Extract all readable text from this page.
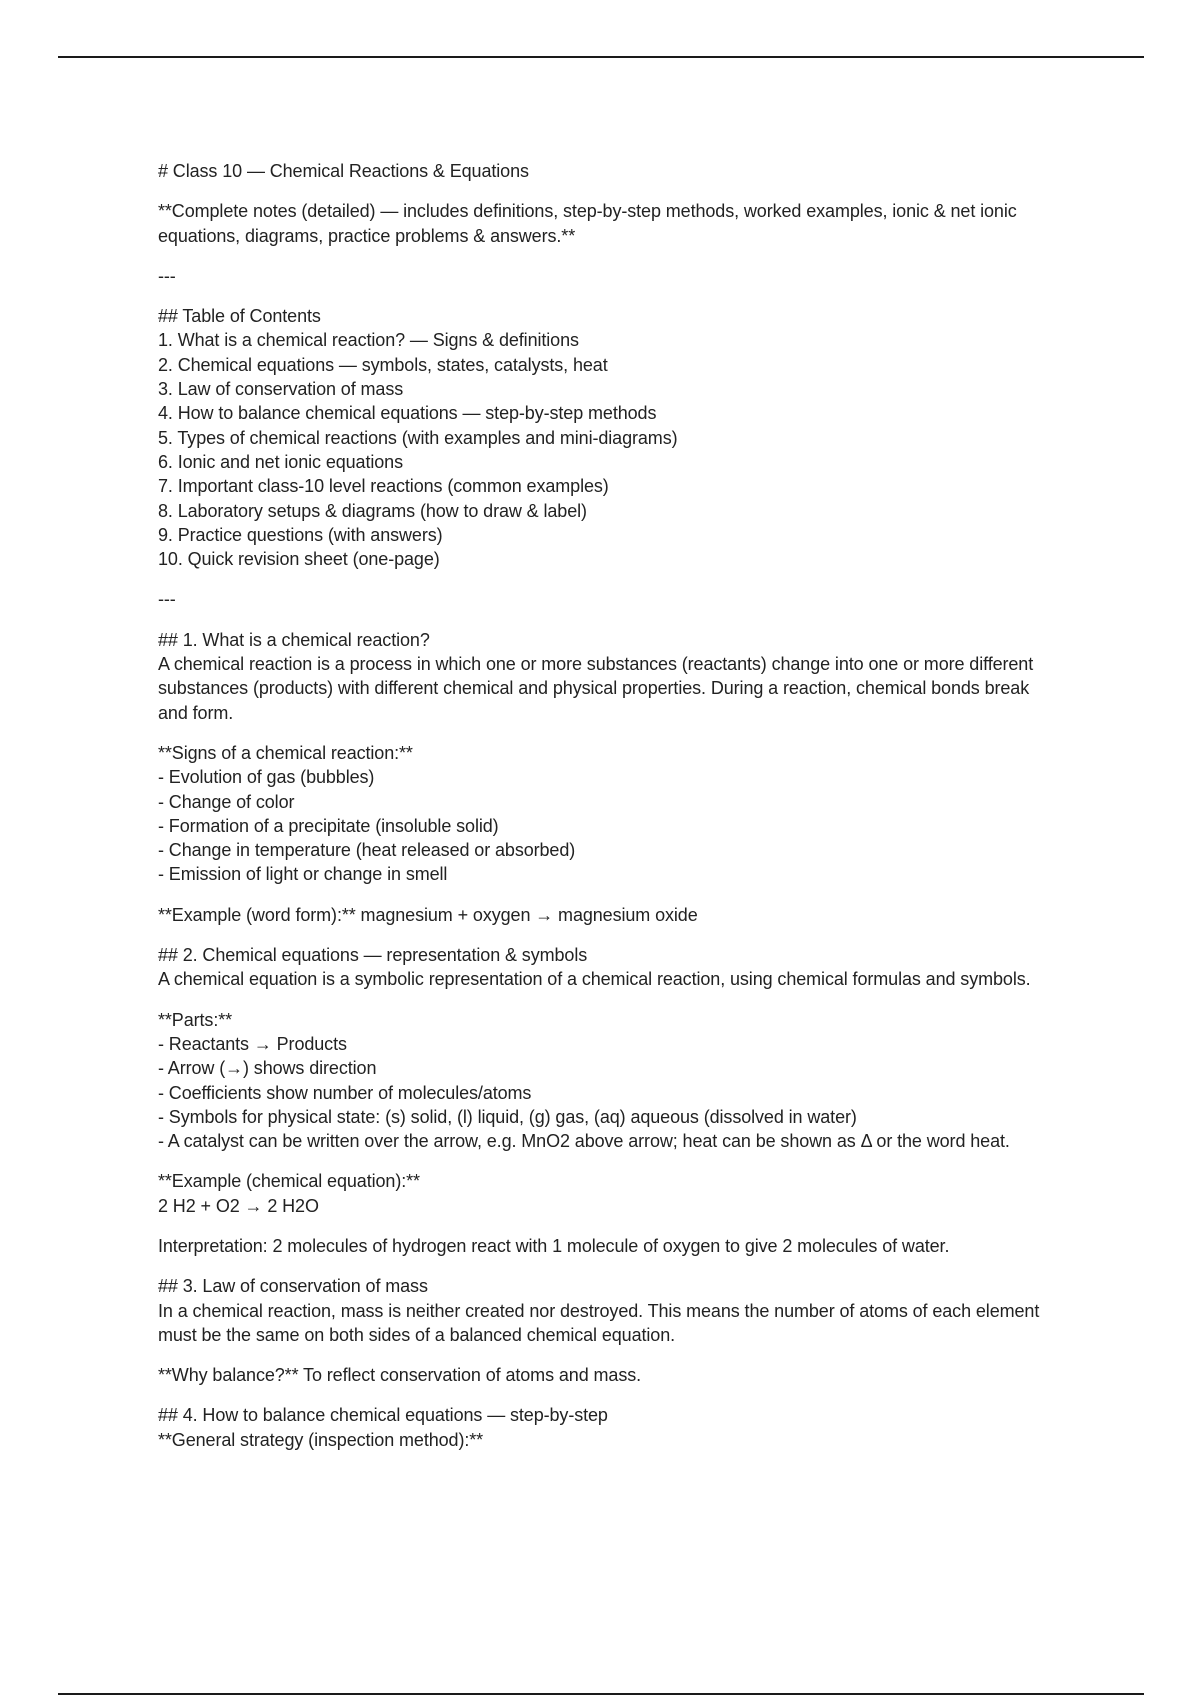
# Class 10 — Chemical Reactions & Equations

**Complete notes (detailed) — includes definitions, step-by-step methods, worked examples, ionic & net ionic equations, diagrams, practice problems & answers.**

---

## Table of Contents
1. What is a chemical reaction? — Signs & definitions
2. Chemical equations — symbols, states, catalysts, heat
3. Law of conservation of mass
4. How to balance chemical equations — step-by-step methods
5. Types of chemical reactions (with examples and mini-diagrams)
6. Ionic and net ionic equations
7. Important class-10 level reactions (common examples)
8. Laboratory setups & diagrams (how to draw & label)
9. Practice questions (with answers)
10. Quick revision sheet (one-page)

---

## 1. What is a chemical reaction?
A chemical reaction is a process in which one or more substances (reactants) change into one or more different substances (products) with different chemical and physical properties. During a reaction, chemical bonds break and form.

**Signs of a chemical reaction:**
- Evolution of gas (bubbles)
- Change of color
- Formation of a precipitate (insoluble solid)
- Change in temperature (heat released or absorbed)
- Emission of light or change in smell

**Example (word form):** magnesium + oxygen → magnesium oxide

## 2. Chemical equations — representation & symbols
A chemical equation is a symbolic representation of a chemical reaction, using chemical formulas and symbols.

**Parts:**
- Reactants → Products
- Arrow (→) shows direction
- Coefficients show number of molecules/atoms
- Symbols for physical state: (s) solid, (l) liquid, (g) gas, (aq) aqueous (dissolved in water)
- A catalyst can be written over the arrow, e.g. MnO2 above arrow; heat can be shown as Δ or the word heat.

**Example (chemical equation):**
2 H2 + O2 → 2 H2O

Interpretation: 2 molecules of hydrogen react with 1 molecule of oxygen to give 2 molecules of water.

## 3. Law of conservation of mass
In a chemical reaction, mass is neither created nor destroyed. This means the number of atoms of each element must be the same on both sides of a balanced chemical equation.

**Why balance?** To reflect conservation of atoms and mass.

## 4. How to balance chemical equations — step-by-step
**General strategy (inspection method):**
